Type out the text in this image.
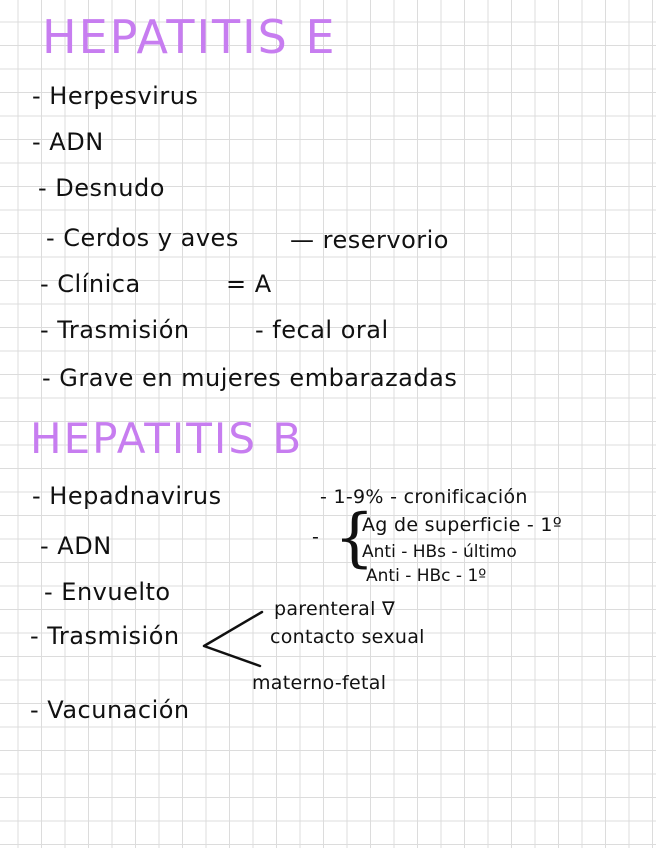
HEPATITIS E
- Herpesvirus
- ADN
- Desnudo
- Cerdos y aves
- Clínica
- Trasmisión
- Grave en mujeres embarazadas
— reservorio
= A
- fecal oral
HEPATITIS B
- Hepadnavirus
- ADN
- Envuelto
- Trasmisión
- Vacunación
- 1-9% - cronificación
- {
Ag de superficie - 1º
Anti - HBs - último
Anti - HBc - 1º
parenteral ∇
contacto sexual
materno-fetal
